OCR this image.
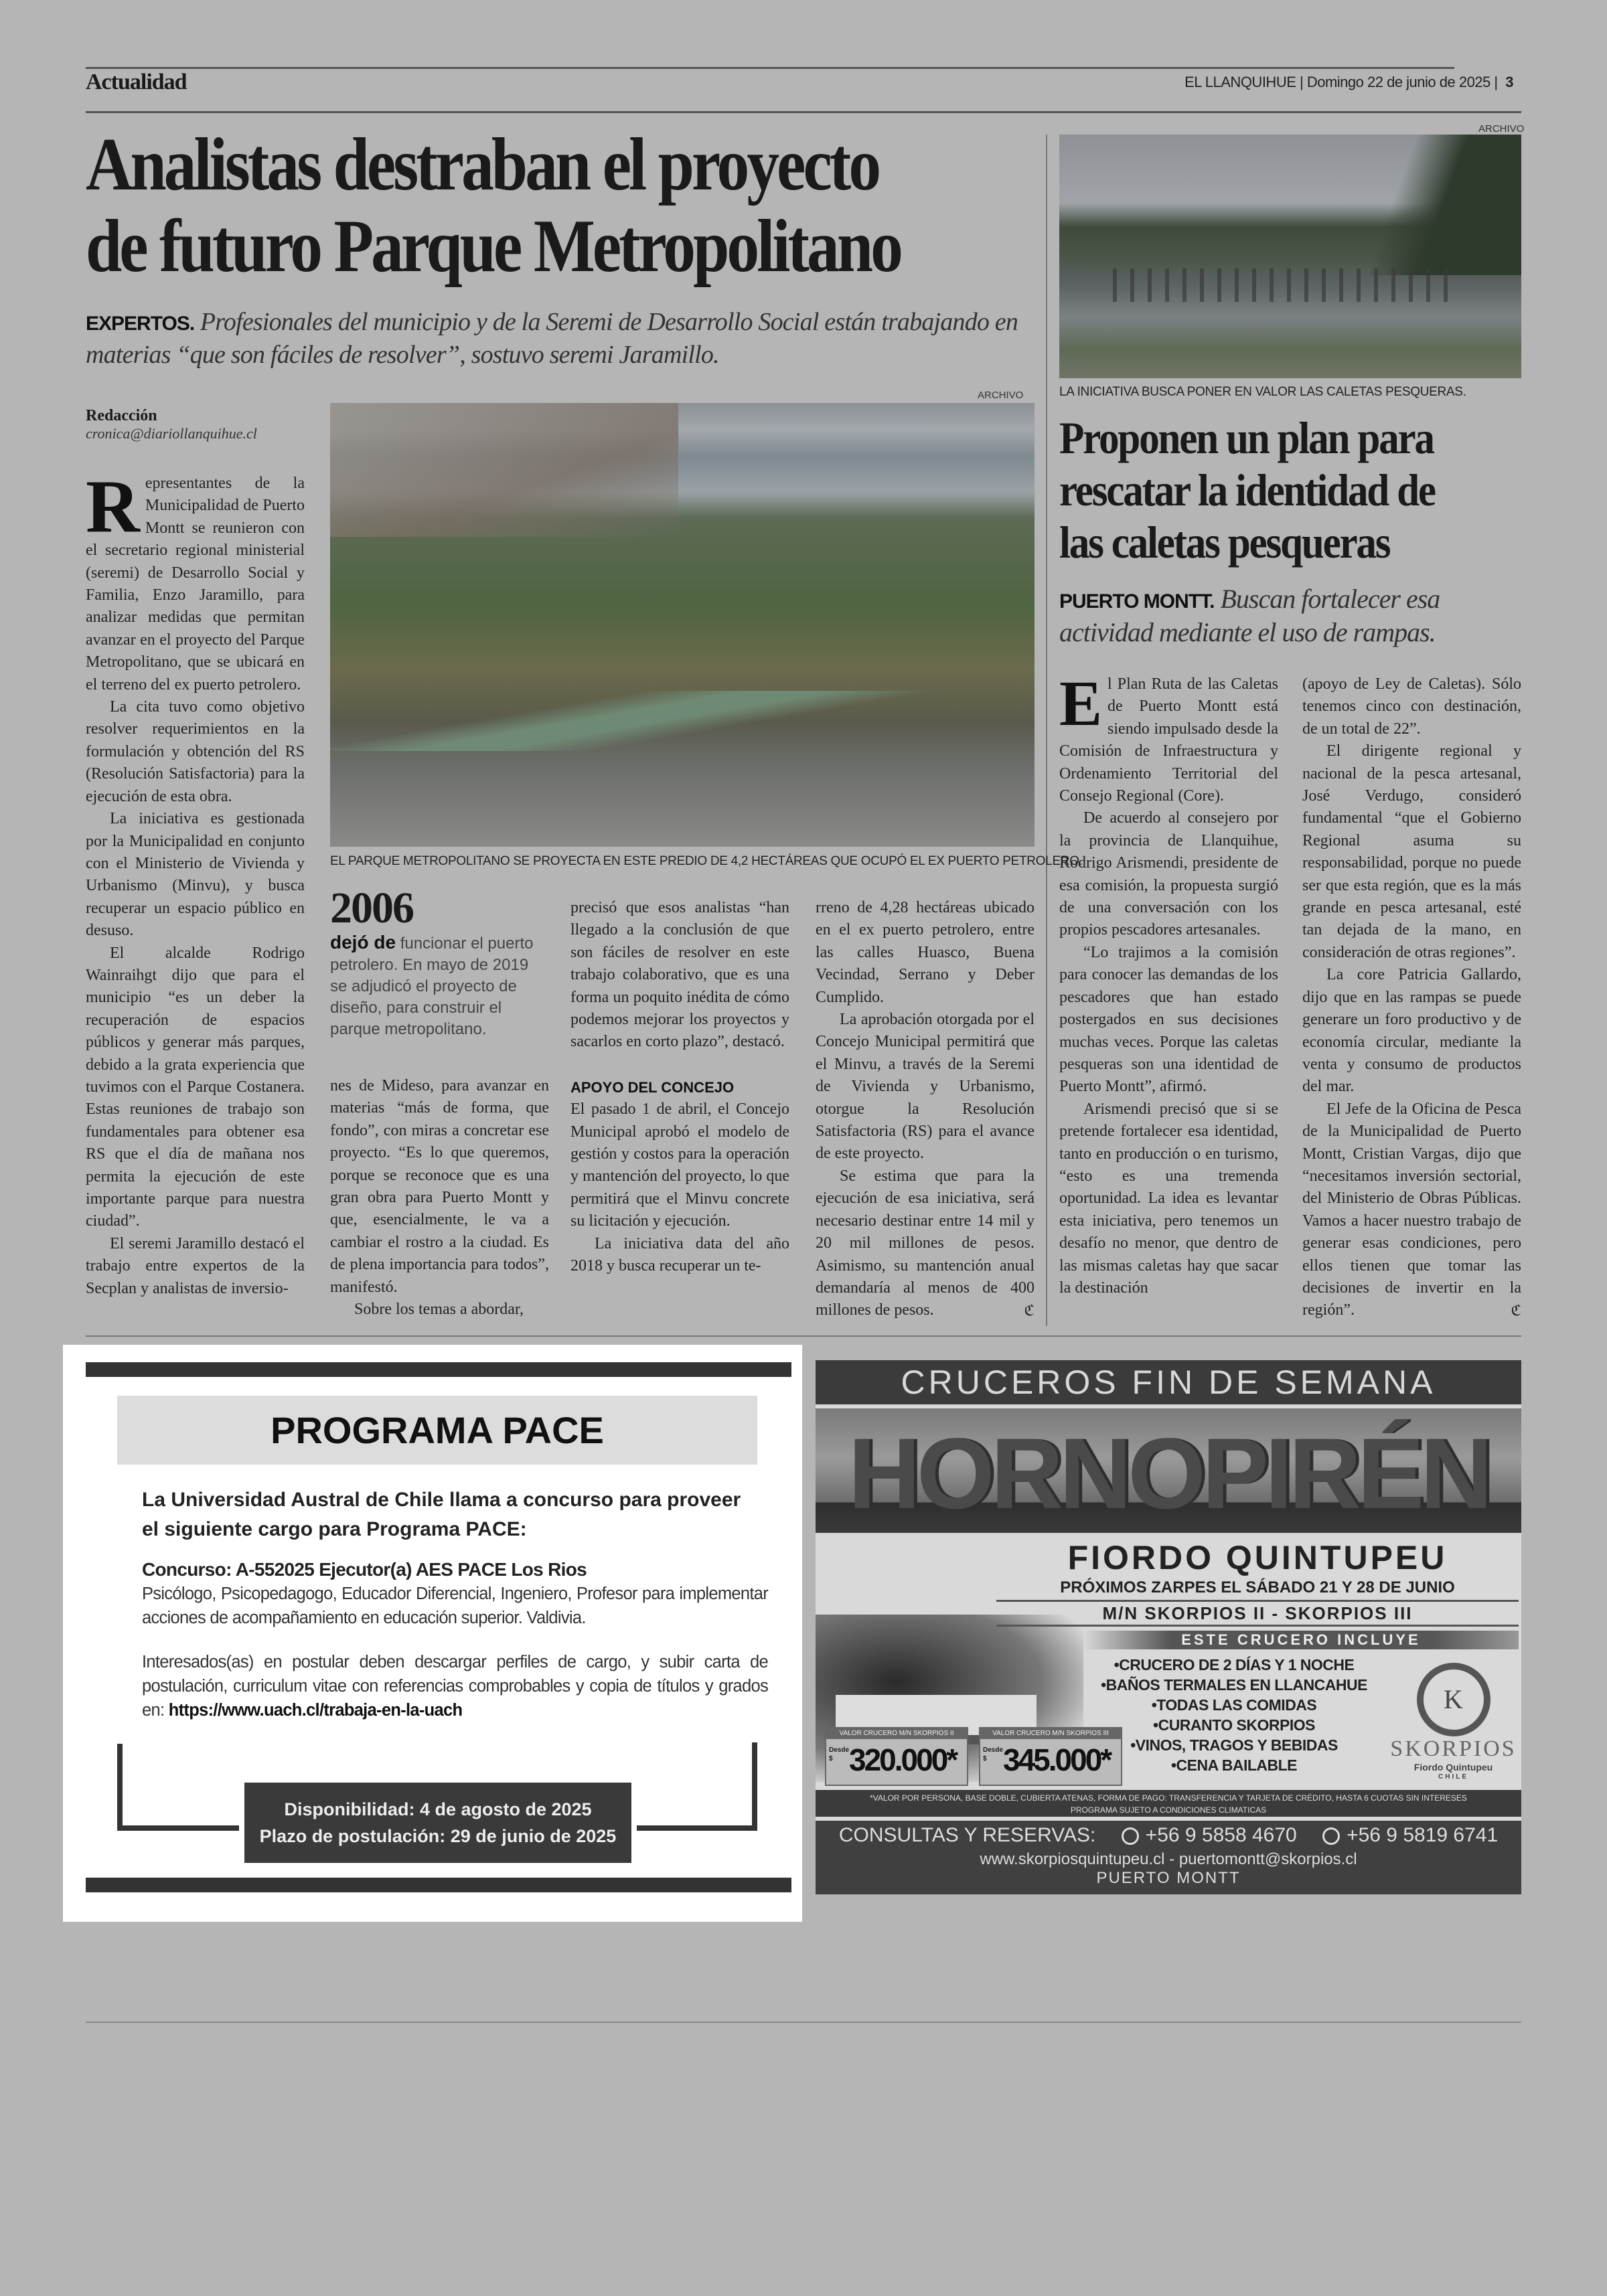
Actualidad	EL LLANQUIHUE | Domingo 22 de junio de 2025 | 3
Analistas destraban el proyecto de futuro Parque Metropolitano
EXPERTOS. Profesionales del municipio y de la Seremi de Desarrollo Social están trabajando en materias “que son fáciles de resolver”, sostuvo seremi Jaramillo.
Redacción
cronica@diariollanquihue.cl
ARCHIVO
EL PARQUE METROPOLITANO SE PROYECTA EN ESTE PREDIO DE 4,2 HECTÁREAS QUE OCUPÓ EL EX PUERTO PETROLERO.

Representantes de la Municipalidad de Puerto Montt se reunieron con el secretario regional ministerial (seremi) de Desarrollo Social y Familia, Enzo Jaramillo, para analizar medidas que permitan avanzar en el proyecto del Parque Metropolitano, que se ubicará en el terreno del ex puerto petrolero.

La cita tuvo como objetivo resolver requerimientos en la formulación y obtención del RS (Resolución Satisfactoria) para la ejecución de esta obra.

La iniciativa es gestionada por la Municipalidad en conjunto con el Ministerio de Vivienda y Urbanismo (Minvu), y busca recuperar un espacio público en desuso.

El alcalde Rodrigo Wainraihgt dijo que para el municipio “es un deber la recuperación de espacios públicos y generar más parques, debido a la grata experiencia que tuvimos con el Parque Costanera. Estas reuniones de trabajo son fundamentales para obtener esa RS que el día de mañana nos permita la ejecución de este importante parque para nuestra ciudad”.

El seremi Jaramillo destacó el trabajo entre expertos de la Secplan y analistas de inversio-

2006
dejó de funcionar el puerto petrolero. En mayo de 2019 se adjudicó el proyecto de diseño, para construir el parque metropolitano.

nes de Mideso, para avanzar en materias “más de forma, que fondo”, con miras a concretar ese proyecto. “Es lo que queremos, porque se reconoce que es una gran obra para Puerto Montt y que, esencialmente, le va a cambiar el rostro a la ciudad. Es de plena importancia para todos”, manifestó.

Sobre los temas a abordar,

precisó que esos analistas “han llegado a la conclusión de que son fáciles de resolver en este trabajo colaborativo, que es una forma un poquito inédita de cómo podemos mejorar los proyectos y sacarlos en corto plazo”, destacó.

APOYO DEL CONCEJO

El pasado 1 de abril, el Concejo Municipal aprobó el modelo de gestión y costos para la operación y mantención del proyecto, lo que permitirá que el Minvu concrete su licitación y ejecución.

La iniciativa data del año 2018 y busca recuperar un te-

rreno de 4,28 hectáreas ubicado en el ex puerto petrolero, entre las calles Huasco, Buena Vecindad, Serrano y Deber Cumplido.

La aprobación otorgada por el Concejo Municipal permitirá que el Minvu, a través de la Seremi de Vivienda y Urbanismo, otorgue la Resolución Satisfactoria (RS) para el avance de este proyecto.

Se estima que para la ejecución de esa iniciativa, será necesario destinar entre 14 mil y 20 mil millones de pesos. Asimismo, su mantención anual demandaría al menos de 400 millones de pesos.	ℭ

ARCHIVO
LA INICIATIVA BUSCA PONER EN VALOR LAS CALETAS PESQUERAS.
Proponen un plan para rescatar la identidad de las caletas pesqueras
PUERTO MONTT. Buscan fortalecer esa actividad mediante el uso de rampas.

El Plan Ruta de las Caletas de Puerto Montt está siendo impulsado desde la Comisión de Infraestructura y Ordenamiento Territorial del Consejo Regional (Core).

De acuerdo al consejero por la provincia de Llanquihue, Rodrigo Arismendi, presidente de esa comisión, la propuesta surgió de una conversación con los propios pescadores artesanales.

“Lo trajimos a la comisión para conocer las demandas de los pescadores que han estado postergados en sus decisiones muchas veces. Porque las caletas pesqueras son una identidad de Puerto Montt”, afirmó.

Arismendi precisó que si se pretende fortalecer esa identidad, tanto en producción o en turismo, “esto es una tremenda oportunidad. La idea es levantar esta iniciativa, pero tenemos un desafío no menor, que dentro de las mismas caletas hay que sacar la destinación

(apoyo de Ley de Caletas). Sólo tenemos cinco con destinación, de un total de 22”.

El dirigente regional y nacional de la pesca artesanal, José Verdugo, consideró fundamental “que el Gobierno Regional asuma su responsabilidad, porque no puede ser que esta región, que es la más grande en pesca artesanal, esté tan dejada de la mano, en consideración de otras regiones”.

La core Patricia Gallardo, dijo que en las rampas se puede generare un foro productivo y de economía circular, mediante la venta y consumo de productos del mar.

El Jefe de la Oficina de Pesca de la Municipalidad de Puerto Montt, Cristian Vargas, dijo que “necesitamos inversión sectorial, del Ministerio de Obras Públicas. Vamos a hacer nuestro trabajo de generar esas condiciones, pero ellos tienen que tomar las decisiones de invertir en la región”.	ℭ

PROGRAMA PACE
La Universidad Austral de Chile llama a concurso para proveer el siguiente cargo para Programa PACE:
Concurso: A-552025 Ejecutor(a) AES PACE Los Rios
Psicólogo, Psicopedagogo, Educador Diferencial, Ingeniero, Profesor para implementar acciones de acompañamiento en educación superior. Valdivia.
Interesados(as) en postular deben descargar perfiles de cargo, y subir carta de postulación, curriculum vitae con referencias comprobables y copia de títulos y grados en: https://www.uach.cl/trabaja-en-la-uach
Disponibilidad: 4 de agosto de 2025
Plazo de postulación: 29 de junio de 2025
CRUCEROS FIN DE SEMANA
HORNOPIRÉN
FIORDO QUINTUPEU
PRÓXIMOS ZARPES EL SÁBADO 21 Y 28 DE JUNIO
M/N SKORPIOS II - SKORPIOS III
ESTE CRUCERO INCLUYE
•CRUCERO DE 2 DÍAS Y 1 NOCHE
•BAÑOS TERMALES EN LLANCAHUE
•TODAS LAS COMIDAS
•CURANTO SKORPIOS
•VINOS, TRAGOS Y BEBIDAS
•CENA BAILABLE
VALOR CRUCERO M/N SKORPIOS II
Desde $ 320.000*
VALOR CRUCERO M/N SKORPIOS III
Desde $ 345.000*
K
SKORPIOS
Fiordo Quintupeu
CHILE
*VALOR POR PERSONA, BASE DOBLE, CUBIERTA ATENAS, FORMA DE PAGO: TRANSFERENCIA Y TARJETA DE CRÉDITO, HASTA 6 CUOTAS SIN INTERESES
PROGRAMA SUJETO A CONDICIONES CLIMATICAS
CONSULTAS Y RESERVAS: +56 9 5858 4670 +56 9 5819 6741
www.skorpiosquintupeu.cl - puertomontt@skorpios.cl
PUERTO MONTT
